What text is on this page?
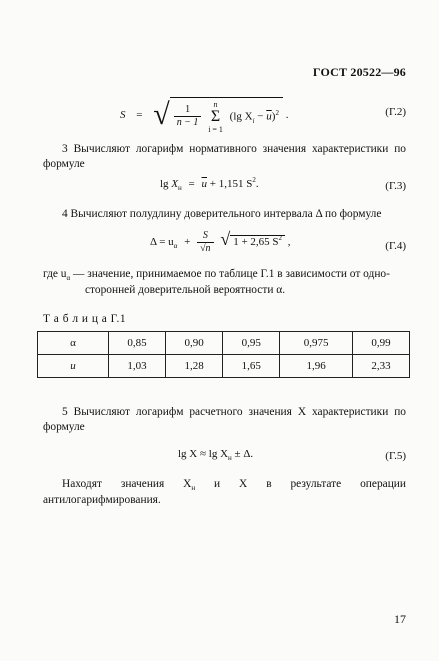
ГОСТ 20522—96
S = √ $\frac{1}{n - 1}$
	n
Σ
i = 1
(lg $X_i - \overline{u})^2$ .	(Г.2)
3 Вычисляют логарифм нормативного значения характеристики по формуле
$\lg X_н = \overline{u} + 1,151$ $S^2$.	(Г.3)
4 Вычисляют полудлину доверительного интервала Δ по формуле
$\Delta = u_\alpha + \frac{S}{√n}$ √ 1 + 2,65 $S^2$ ,	(Г.4)
где $u_\alpha$ — значение, принимаемое по таблице Г.1 в зависимости от одно-
сторонней доверительной вероятности α.
Т а б л и ц а Г.1
α	0,85	0,90	0,95	0,975	0,99
u	1,03	1,28	1,65	1,96	2,33
5 Вычисляют логарифм расчетного значения X характеристики по формуле
$\lg X \approx \lg X_н \pm \Delta$.	(Г.5)
Находят значения $X_н$ и X в результате операции антилогарифмирования.
17
